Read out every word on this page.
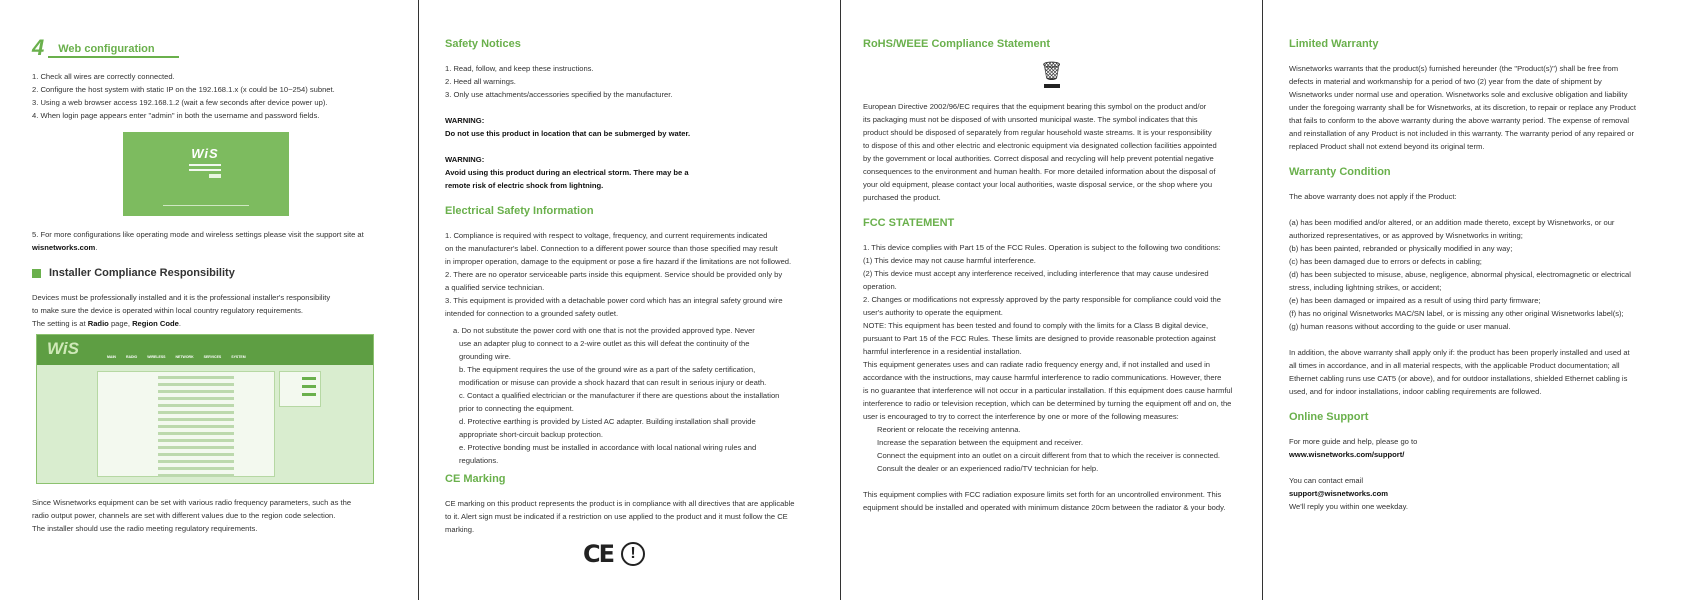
4	Web configuration

1. Check all wires are correctly connected.

2. Configure the host system with static IP on the 192.168.1.x (x could be 10~254) subnet.

3. Using a web browser access 192.168.1.2 (wait a few seconds after device power up).

4. When login page appears enter "admin" in both the username and password fields.

WiS

5. For more configurations like operating mode and wireless settings please visit the support site at wisnetworks.com.

Installer Compliance Responsibility

Devices must be professionally installed and it is the professional installer's responsibility

to make sure the device is operated within local country regulatory requirements.

The setting is at Radio page, Region Code.

WiS	MAIN	RADIO	WIRELESS	NETWORK	SERVICES	SYSTEM

Since Wisnetworks equipment can be set with various radio frequency parameters, such as the

radio output power, channels are set with different values due to the region code selection.

The installer should use the radio meeting regulatory requirements.

Safety Notices

1. Read, follow, and keep these instructions.

2. Heed all warnings.

3. Only use attachments/accessories specified by the manufacturer.

WARNING:

Do not use this product in location that can be submerged by water.

WARNING:

Avoid using this product during an electrical storm. There may be a

remote risk of electric shock from lightning.

Electrical Safety Information

1. Compliance is required with respect to voltage, frequency, and current requirements indicated

on the manufacturer's label. Connection to a different power source than those specified may result

in improper operation, damage to the equipment or pose a fire hazard if the limitations are not followed.

2. There are no operator serviceable parts inside this equipment. Service should be provided only by

a qualified service technician.

3. This equipment is provided with a detachable power cord which has an integral safety ground wire

intended for connection to a grounded safety outlet.

a. Do not substitute the power cord with one that is not the provided approved type. Never

use an adapter plug to connect to a 2-wire outlet as this will defeat the continuity of the

grounding wire.

b. The equipment requires the use of the ground wire as a part of the safety certification,

modification or misuse can provide a shock hazard that can result in serious injury or death.

c. Contact a qualified electrician or the manufacturer if there are questions about the installation

prior to connecting the equipment.

d. Protective earthing is provided by Listed AC adapter. Building installation shall provide

appropriate short-circuit backup protection.

e. Protective bonding must be installed in accordance with local national wiring rules and

regulations.

CE Marking

CE marking on this product represents the product is in compliance with all directives that are applicable

to it. Alert sign must be indicated if a restriction on use applied to the product and it must follow the CE

marking.

CE	!

RoHS/WEEE Compliance Statement

🗑

European Directive 2002/96/EC requires that the equipment bearing this symbol on the product and/or

its packaging must not be disposed of with unsorted municipal waste. The symbol indicates that this

product should be disposed of separately from regular household waste streams. It is your responsibility

to dispose of this and other electric and electronic equipment via designated collection facilities appointed

by the government or local authorities. Correct disposal and recycling will help prevent potential negative

consequences to the environment and human health. For more detailed information about the disposal of

your old equipment, please contact your local authorities, waste disposal service, or the shop where you

purchased the product.

FCC STATEMENT

1. This device complies with Part 15 of the FCC Rules. Operation is subject to the following two conditions:

(1) This device may not cause harmful interference.

(2) This device must accept any interference received, including interference that may cause undesired

operation.

2. Changes or modifications not expressly approved by the party responsible for compliance could void the

user's authority to operate the equipment.

NOTE: This equipment has been tested and found to comply with the limits for a Class B digital device,

pursuant to Part 15 of the FCC Rules. These limits are designed to provide reasonable protection against

harmful interference in a residential installation.

This equipment generates uses and can radiate radio frequency energy and, if not installed and used in

accordance with the instructions, may cause harmful interference to radio communications. However, there

is no guarantee that interference will not occur in a particular installation. If this equipment does cause harmful

interference to radio or television reception, which can be determined by turning the equipment off and on, the

user is encouraged to try to correct the interference by one or more of the following measures:

Reorient or relocate the receiving antenna.

Increase the separation between the equipment and receiver.

Connect the equipment into an outlet on a circuit different from that to which the receiver is connected.

Consult the dealer or an experienced radio/TV technician for help.

This equipment complies with FCC radiation exposure limits set forth for an uncontrolled environment. This

equipment should be installed and operated with minimum distance 20cm between the radiator & your body.

Limited Warranty

Wisnetworks warrants that the product(s) furnished hereunder (the "Product(s)") shall be free from

defects in material and workmanship for a period of two (2) year from the date of shipment by

Wisnetworks under normal use and operation. Wisnetworks sole and exclusive obligation and liability

under the foregoing warranty shall be for Wisnetworks, at its discretion, to repair or replace any Product

that fails to conform to the above warranty during the above warranty period. The expense of removal

and reinstallation of any Product is not included in this warranty. The warranty period of any repaired or

replaced Product shall not extend beyond its original term.

Warranty Condition

The above warranty does not apply if the Product:

(a) has been modified and/or altered, or an addition made thereto, except by Wisnetworks, or our

authorized representatives, or as approved by Wisnetworks in writing;

(b) has been painted, rebranded or physically modified in any way;

(c) has been damaged due to errors or defects in cabling;

(d) has been subjected to misuse, abuse, negligence, abnormal physical, electromagnetic or electrical

stress, including lightning strikes, or accident;

(e) has been damaged or impaired as a result of using third party firmware;

(f) has no original Wisnetworks MAC/SN label, or is missing any other original Wisnetworks label(s);

(g) human reasons without according to the guide or user manual.

In addition, the above warranty shall apply only if: the product has been properly installed and used at

all times in accordance, and in all material respects, with the applicable Product documentation; all

Ethernet cabling runs use CAT5 (or above), and for outdoor installations, shielded Ethernet cabling is

used, and for indoor installations, indoor cabling requirements are followed.

Online Support

For more guide and help, please go to

www.wisnetworks.com/support/

You can contact email

support@wisnetworks.com

We'll reply you within one weekday.
